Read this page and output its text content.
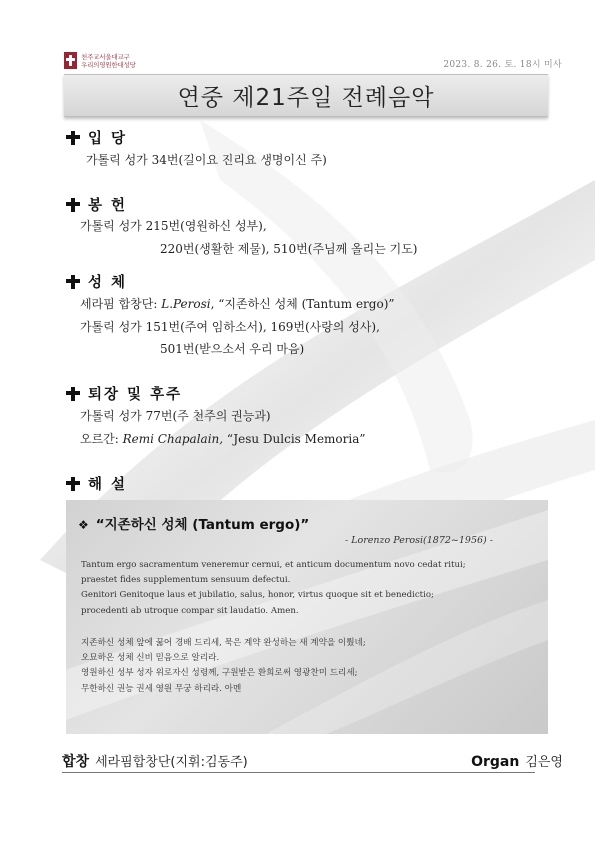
천주교서울대교구
우리의영원한대성당	2023. 8. 26. 토. 18시 미사
연중 제21주일 전례음악
입 당
가톨릭 성가 34번(길이요 진리요 생명이신 주)
봉 헌
가톨릭 성가 215번(영원하신 성부),
220번(생활한 제물), 510번(주님께 올리는 기도)
성 체
세라핌 합창단: L.Perosi, “지존하신 성체 (Tantum ergo)”
가톨릭 성가 151번(주여 임하소서), 169번(사랑의 성사),
501번(받으소서 우리 마음)
퇴장 및 후주
가톨릭 성가 77번(주 천주의 권능과)
오르간: Remi Chapalain, “Jesu Dulcis Memoria”
해 설
❖ “지존하신 성체 (Tantum ergo)”
- Lorenzo Perosi(1872~1956) -
Tantum ergo sacramentum veneremur cernui, et anticum documentum novo cedat ritui;
praestet fides supplementum sensuum defectui.
Genitori Genitoque laus et jubilatio, salus, honor, virtus quoque sit et benedictio;
procedenti ab utroque compar sit laudatio. Amen.
지존하신 성체 앞에 꿇어 경배 드리세, 묵은 계약 완성하는 새 계약을 이뤘네;
오묘하온 성체 신비 믿음으로 알리라.
영원하신 성부 성자 위로자신 성령께, 구원받은 환희로써 영광찬미 드리세;
무한하신 권능 권세 영원 무궁 하리라. 아멘
합창 세라핌합창단(지휘:김동주)	Organ 김은영
